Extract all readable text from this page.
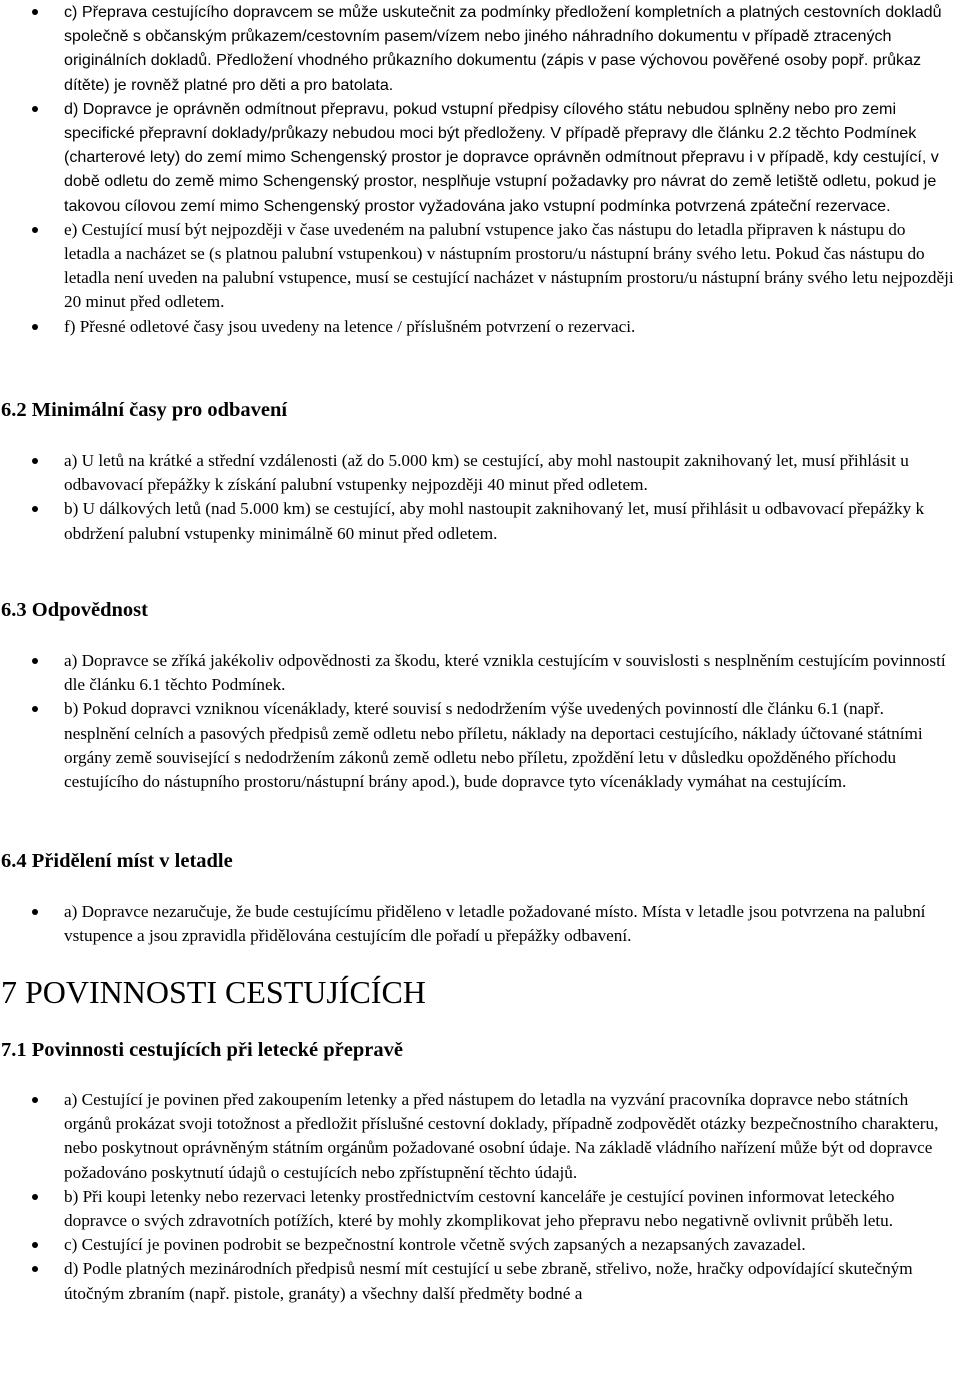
c) Přeprava cestujícího dopravcem se může uskutečnit za podmínky předložení kompletních a platných cestovních dokladů společně s občanským průkazem/cestovním pasem/vízem nebo jiného náhradního dokumentu v případě ztracených originálních dokladů. Předložení vhodného průkazního dokumentu (zápis v pase výchovou pověřené osoby popř. průkaz dítěte) je rovněž platné pro děti a pro batolata.
d) Dopravce je oprávněn odmítnout přepravu, pokud vstupní předpisy cílového státu nebudou splněny nebo pro zemi specifické přepravní doklady/průkazy nebudou moci být předloženy. V případě přepravy dle článku 2.2 těchto Podmínek (charterové lety) do zemí mimo Schengenský prostor je dopravce oprávněn odmítnout přepravu i v případě, kdy cestující, v době odletu do země mimo Schengenský prostor, nesplňuje vstupní požadavky pro návrat do země letiště odletu, pokud je takovou cílovou zemí mimo Schengenský prostor vyžadována jako vstupní podmínka potvrzená zpáteční rezervace.
e) Cestující musí být nejpozději v čase uvedeném na palubní vstupence jako čas nástupu do letadla připraven k nástupu do letadla a nacházet se (s platnou palubní vstupenkou) v nástupním prostoru/u nástupní brány svého letu. Pokud čas nástupu do letadla není uveden na palubní vstupence, musí se cestující nacházet v nástupním prostoru/u nástupní brány svého letu nejpozději 20 minut před odletem.
f) Přesné odletové časy jsou uvedeny na letence / příslušném potvrzení o rezervaci.
6.2 Minimální časy pro odbavení
a) U letů na krátké a střední vzdálenosti (až do 5.000 km) se cestující, aby mohl nastoupit zaknihovaný let, musí přihlásit u odbavovací přepážky k získání palubní vstupenky nejpozději 40 minut před odletem.
b) U dálkových letů (nad 5.000 km) se cestující, aby mohl nastoupit zaknihovaný let, musí přihlásit u odbavovací přepážky k obdržení palubní vstupenky minimálně 60 minut před odletem.
6.3 Odpovědnost
a) Dopravce se zříká jakékoliv odpovědnosti za škodu, které vznikla cestujícím v souvislosti s nesplněním cestujícím povinností dle článku 6.1 těchto Podmínek.
b) Pokud dopravci vzniknou vícenáklady, které souvisí s nedodržením výše uvedených povinností dle článku 6.1 (např. nesplnění celních a pasových předpisů země odletu nebo příletu, náklady na deportaci cestujícího, náklady účtované státními orgány země související s nedodržením zákonů země odletu nebo příletu, zpoždění letu v důsledku opožděného příchodu cestujícího do nástupního prostoru/nástupní brány apod.), bude dopravce tyto vícenáklady vymáhat na cestujícím.
6.4 Přidělení míst v letadle
a) Dopravce nezaručuje, že bude cestujícímu přiděleno v letadle požadované místo. Místa v letadle jsou potvrzena na palubní vstupence a jsou zpravidla přidělována cestujícím dle pořadí u přepážky odbavení.
7 POVINNOSTI CESTUJÍCÍCH
7.1 Povinnosti cestujících při letecké přepravě
a) Cestující je povinen před zakoupením letenky a před nástupem do letadla na vyzvání pracovníka dopravce nebo státních orgánů prokázat svoji totožnost a předložit příslušné cestovní doklady, případně zodpovědět otázky bezpečnostního charakteru, nebo poskytnout oprávněným státním orgánům požadované osobní údaje. Na základě vládního nařízení může být od dopravce požadováno poskytnutí údajů o cestujících nebo zpřístupnění těchto údajů.
b) Při koupi letenky nebo rezervaci letenky prostřednictvím cestovní kanceláře je cestující povinen informovat leteckého dopravce o svých zdravotních potížích, které by mohly zkomplikovat jeho přepravu nebo negativně ovlivnit průběh letu.
c) Cestující je povinen podrobit se bezpečnostní kontrole včetně svých zapsaných a nezapsaných zavazadel.
d) Podle platných mezinárodních předpisů nesmí mít cestující u sebe zbraně, střelivo, nože, hračky odpovídající skutečným útočným zbraním (např. pistole, granáty) a všechny další předměty bodné a
